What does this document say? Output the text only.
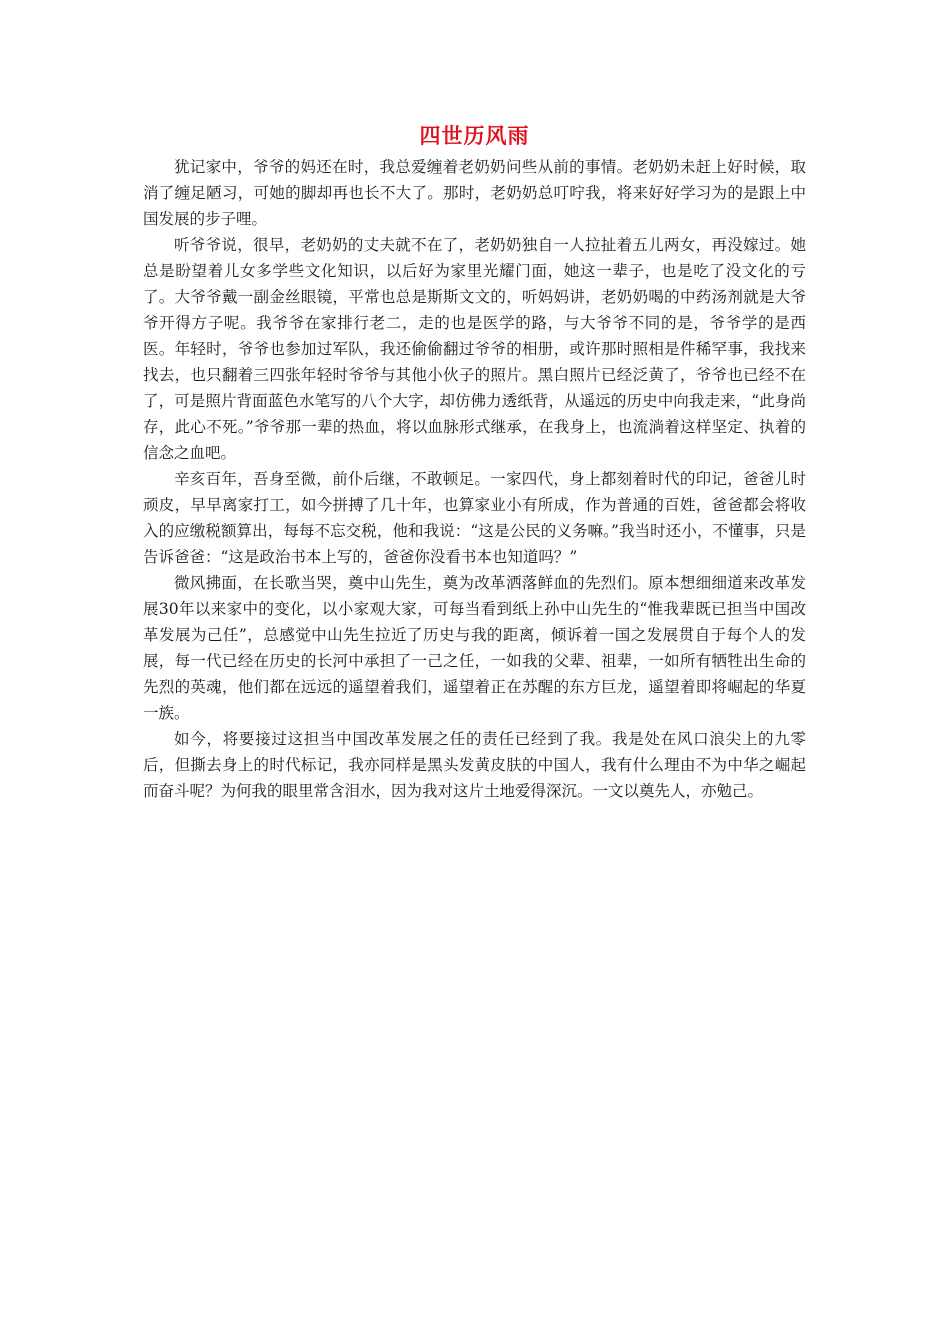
四世历风雨

犹记家中，爷爷的妈还在时，我总爱缠着老奶奶问些从前的事情。老奶奶未赶上好时候，取消了缠足陋习，可她的脚却再也长不大了。那时，老奶奶总叮咛我，将来好好学习为的是跟上中国发展的步子哩。

听爷爷说，很早，老奶奶的丈夫就不在了，老奶奶独自一人拉扯着五儿两女，再没嫁过。她总是盼望着儿女多学些文化知识，以后好为家里光耀门面，她这一辈子，也是吃了没文化的亏了。大爷爷戴一副金丝眼镜，平常也总是斯斯文文的，听妈妈讲，老奶奶喝的中药汤剂就是大爷爷开得方子呢。我爷爷在家排行老二，走的也是医学的路，与大爷爷不同的是，爷爷学的是西医。年轻时，爷爷也参加过军队，我还偷偷翻过爷爷的相册，或许那时照相是件稀罕事，我找来找去，也只翻着三四张年轻时爷爷与其他小伙子的照片。黑白照片已经泛黄了，爷爷也已经不在了，可是照片背面蓝色水笔写的八个大字，却仿佛力透纸背，从遥远的历史中向我走来，“此身尚存，此心不死。”爷爷那一辈的热血，将以血脉形式继承，在我身上，也流淌着这样坚定、执着的信念之血吧。

辛亥百年，吾身至微，前仆后继，不敢顿足。一家四代，身上都刻着时代的印记，爸爸儿时顽皮，早早离家打工，如今拼搏了几十年，也算家业小有所成，作为普通的百姓，爸爸都会将收入的应缴税额算出，每每不忘交税，他和我说：“这是公民的义务嘛。”我当时还小，不懂事，只是告诉爸爸：“这是政治书本上写的，爸爸你没看书本也知道吗？”

微风拂面，在长歌当哭，奠中山先生，奠为改革洒落鲜血的先烈们。原本想细细道来改革发展30年以来家中的变化，以小家观大家，可每当看到纸上孙中山先生的“惟我辈既已担当中国改革发展为己任”，总感觉中山先生拉近了历史与我的距离，倾诉着一国之发展贯自于每个人的发展，每一代已经在历史的长河中承担了一己之任，一如我的父辈、祖辈，一如所有牺牲出生命的先烈的英魂，他们都在远远的遥望着我们，遥望着正在苏醒的东方巨龙，遥望着即将崛起的华夏一族。

如今，将要接过这担当中国改革发展之任的责任已经到了我。我是处在风口浪尖上的九零后，但撕去身上的时代标记，我亦同样是黑头发黄皮肤的中国人，我有什么理由不为中华之崛起而奋斗呢？为何我的眼里常含泪水，因为我对这片土地爱得深沉。一文以奠先人，亦勉己。
